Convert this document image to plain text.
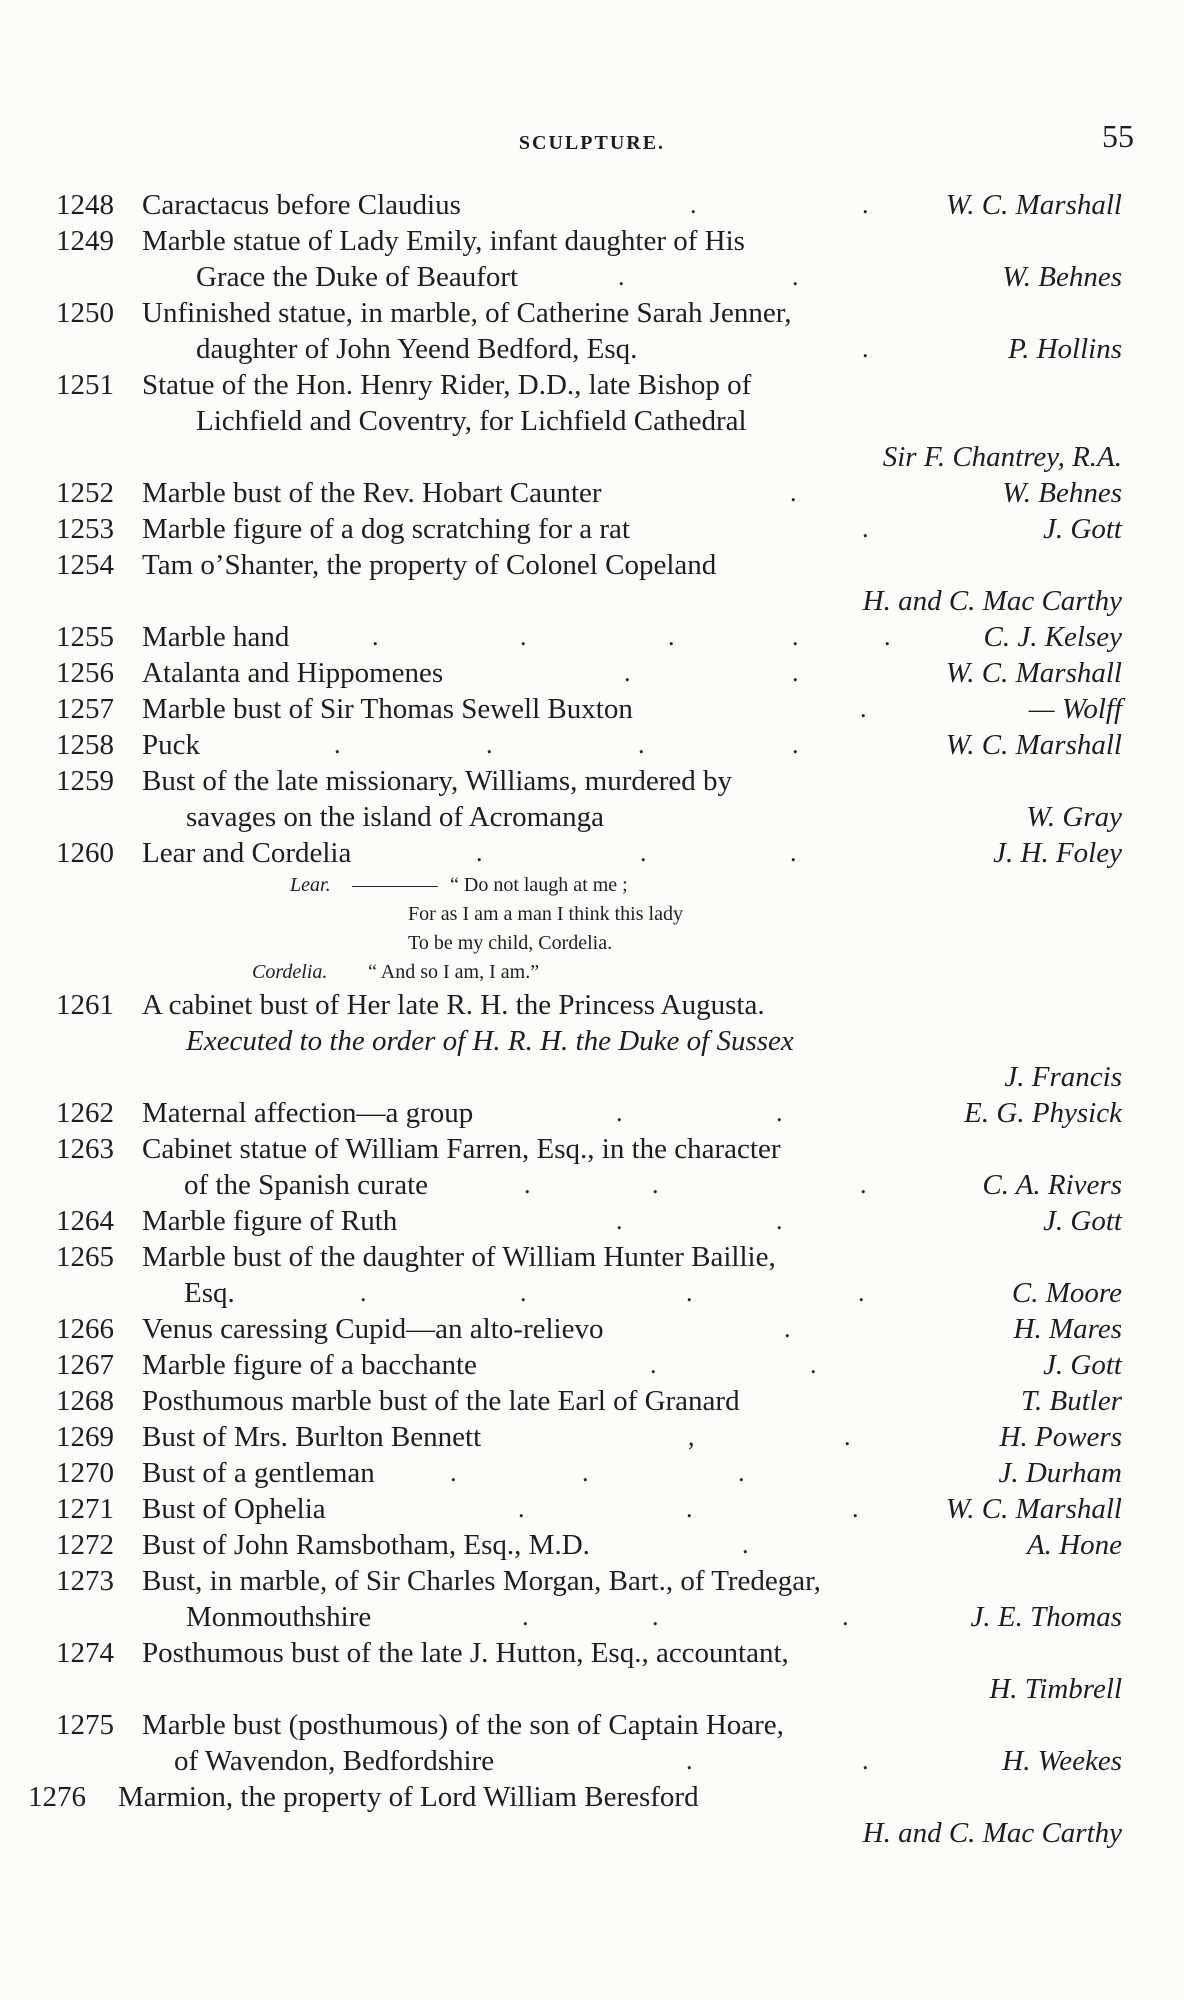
SCULPTURE.	55
1248 Caractacus before Claudius	.	.	W. C. Marshall
1249 Marble statue of Lady Emily, infant daughter of His
Grace the Duke of Beaufort	.	.	W. Behnes
1250 Unfinished statue, in marble, of Catherine Sarah Jenner,
daughter of John Yeend Bedford, Esq.	.	P. Hollins
1251 Statue of the Hon. Henry Rider, D.D., late Bishop of
Lichfield and Coventry, for Lichfield Cathedral
Sir F. Chantrey, R.A.
1252 Marble bust of the Rev. Hobart Caunter	.	W. Behnes
1253 Marble figure of a dog scratching for a rat	.	J. Gott
1254 Tam o’Shanter, the property of Colonel Copeland
H. and C. Mac Carthy
1255 Marble hand	.	.	.	.	.	C. J. Kelsey
1256 Atalanta and Hippomenes	.	.	W. C. Marshall
1257 Marble bust of Sir Thomas Sewell Buxton	.	— Wolff
1258 Puck	.	.	.	.	W. C. Marshall
1259 Bust of the late missionary, Williams, murdered by
savages on the island of Acromanga	W. Gray
1260 Lear and Cordelia	.	.	.	J. H. Foley
Lear.	“ Do not laugh at me ;
For as I am a man I think this lady
To be my child, Cordelia.
Cordelia. “ And so I am, I am.”
1261 A cabinet bust of Her late R. H. the Princess Augusta.
Executed to the order of H. R. H. the Duke of Sussex
J. Francis
1262 Maternal affection—a group	.	.	E. G. Physick
1263 Cabinet statue of William Farren, Esq., in the character
of the Spanish curate	.	.	.	C. A. Rivers
1264 Marble figure of Ruth	.	.	J. Gott
1265 Marble bust of the daughter of William Hunter Baillie,
Esq.	.	.	.	.	C. Moore
1266 Venus caressing Cupid—an alto-relievo	.	H. Mares
1267 Marble figure of a bacchante	.	.	J. Gott
1268 Posthumous marble bust of the late Earl of Granard	T. Butler
1269 Bust of Mrs. Burlton Bennett	,	.	H. Powers
1270 Bust of a gentleman	.	.	.	J. Durham
1271 Bust of Ophelia	.	.	.	W. C. Marshall
1272 Bust of John Ramsbotham, Esq., M.D.	.	A. Hone
1273 Bust, in marble, of Sir Charles Morgan, Bart., of Tredegar,
Monmouthshire	.	.	.	J. E. Thomas
1274 Posthumous bust of the late J. Hutton, Esq., accountant,
H. Timbrell
1275 Marble bust (posthumous) of the son of Captain Hoare,
of Wavendon, Bedfordshire	.	.	H. Weekes
1276 Marmion, the property of Lord William Beresford
H. and C. Mac Carthy
